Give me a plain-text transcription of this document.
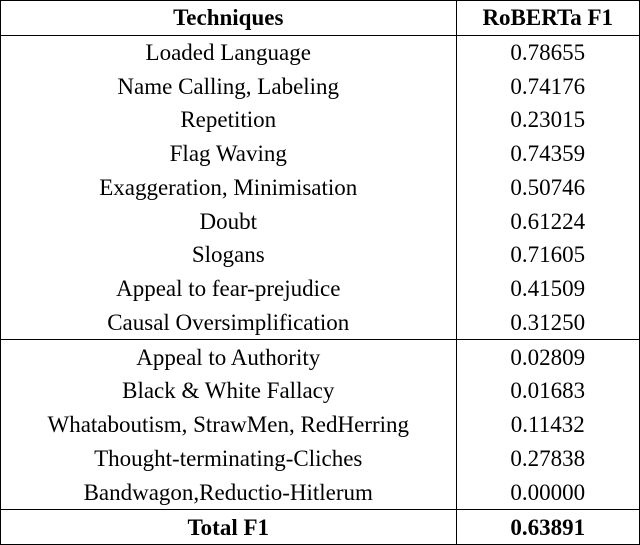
Techniques	RoBERTa F1
Loaded Language	0.78655
Name Calling, Labeling	0.74176
Repetition	0.23015
Flag Waving	0.74359
Exaggeration, Minimisation	0.50746
Doubt	0.61224
Slogans	0.71605
Appeal to fear-prejudice	0.41509
Causal Oversimplification	0.31250
Appeal to Authority	0.02809
Black & White Fallacy	0.01683
Whataboutism, StrawMen, RedHerring	0.11432
Thought-terminating-Cliches	0.27838
Bandwagon,Reductio-Hitlerum	0.00000
Total F1	0.63891
